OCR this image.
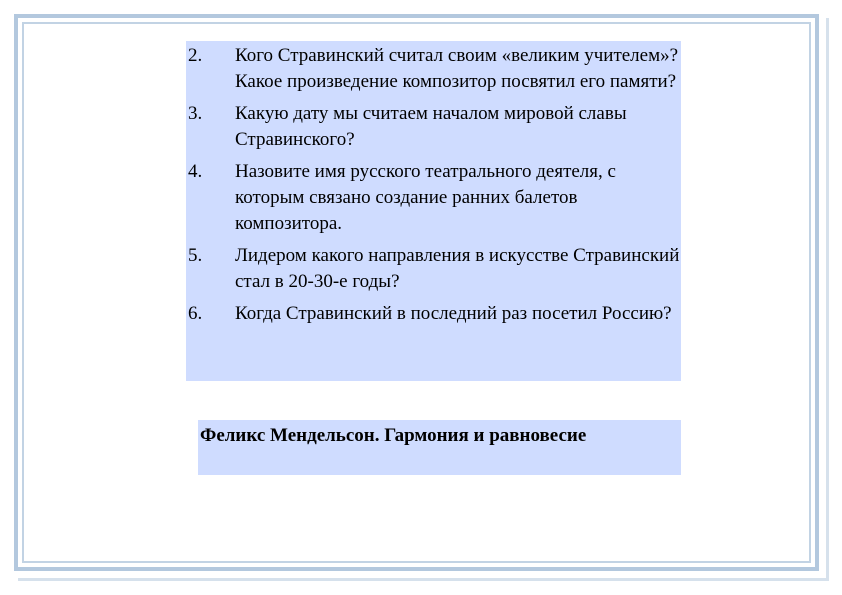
2.	Кого Стравинский считал своим «великим учителем»? Какое произведение композитор посвятил его памяти?
3.	Какую дату мы считаем началом мировой славы Стравинского?
4.	Назовите имя русского театрального деятеля, с которым связано создание ранних балетов композитора.
5.	Лидером какого направления в искусстве Стравинский стал в 20-30-е годы?
6.	Когда Стравинский в последний раз посетил Россию?
Феликс Мендельсон. Гармония и равновесие
